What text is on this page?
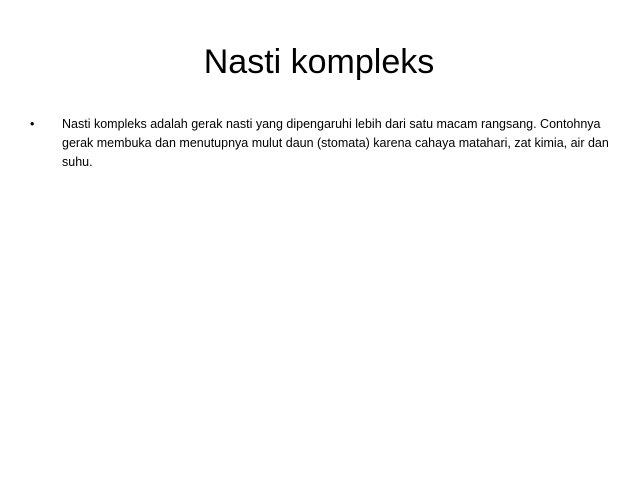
Nasti kompleks
• Nasti kompleks adalah gerak nasti yang dipengaruhi lebih dari satu macam rangsang. Contohnya gerak membuka dan menutupnya mulut daun (stomata) karena cahaya matahari, zat kimia, air dan suhu.
